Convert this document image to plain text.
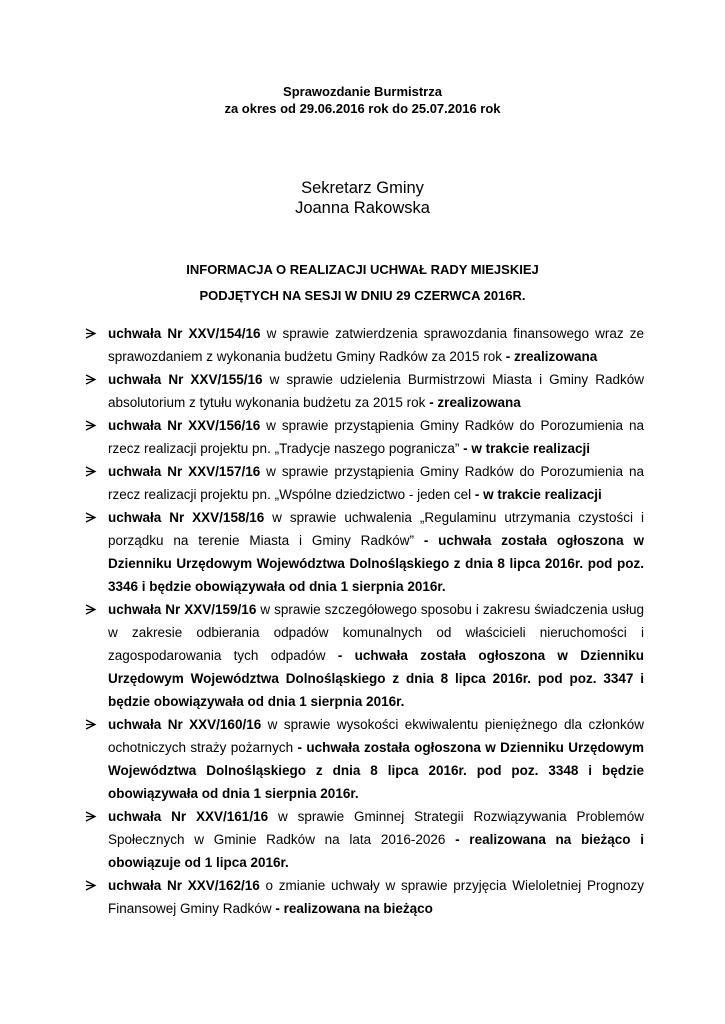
Sprawozdanie Burmistrza
za okres od 29.06.2016 rok do 25.07.2016 rok
Sekretarz Gminy
Joanna Rakowska
INFORMACJA O REALIZACJI UCHWAŁ RADY MIEJSKIEJ
PODJĘTYCH NA SESJI W DNIU 29 CZERWCA 2016R.
uchwała Nr XXV/154/16 w sprawie zatwierdzenia sprawozdania finansowego wraz ze sprawozdaniem z wykonania budżetu Gminy Radków za 2015 rok - zrealizowana
uchwała Nr XXV/155/16 w sprawie udzielenia Burmistrzowi Miasta i Gminy Radków absolutorium z tytułu wykonania budżetu za 2015 rok - zrealizowana
uchwała Nr XXV/156/16 w sprawie przystąpienia Gminy Radków do Porozumienia na rzecz realizacji projektu pn. „Tradycje naszego pogranicza” - w trakcie realizacji
uchwała Nr XXV/157/16 w sprawie przystąpienia Gminy Radków do Porozumienia na rzecz realizacji projektu pn. „Wspólne dziedzictwo - jeden cel - w trakcie realizacji
uchwała Nr XXV/158/16 w sprawie uchwalenia „Regulaminu utrzymania czystości i porządku na terenie Miasta i Gminy Radków” - uchwała została ogłoszona w Dzienniku Urzędowym Województwa Dolnośląskiego z dnia 8 lipca 2016r. pod poz. 3346 i będzie obowiązywała od dnia 1 sierpnia 2016r.
uchwała Nr XXV/159/16 w sprawie szczegółowego sposobu i zakresu świadczenia usług w zakresie odbierania odpadów komunalnych od właścicieli nieruchomości i zagospodarowania tych odpadów - uchwała została ogłoszona w Dzienniku Urzędowym Województwa Dolnośląskiego z dnia 8 lipca 2016r. pod poz. 3347 i będzie obowiązywała od dnia 1 sierpnia 2016r.
uchwała Nr XXV/160/16 w sprawie wysokości ekwiwalentu pieniężnego dla członków ochotniczych straży pożarnych - uchwała została ogłoszona w Dzienniku Urzędowym Województwa Dolnośląskiego z dnia 8 lipca 2016r. pod poz. 3348 i będzie obowiązywała od dnia 1 sierpnia 2016r.
uchwała Nr XXV/161/16 w sprawie Gminnej Strategii Rozwiązywania Problemów Społecznych w Gminie Radków na lata 2016-2026 - realizowana na bieżąco i obowiązuje od 1 lipca 2016r.
uchwała Nr XXV/162/16 o zmianie uchwały w sprawie przyjęcia Wieloletniej Prognozy Finansowej Gminy Radków - realizowana na bieżąco
